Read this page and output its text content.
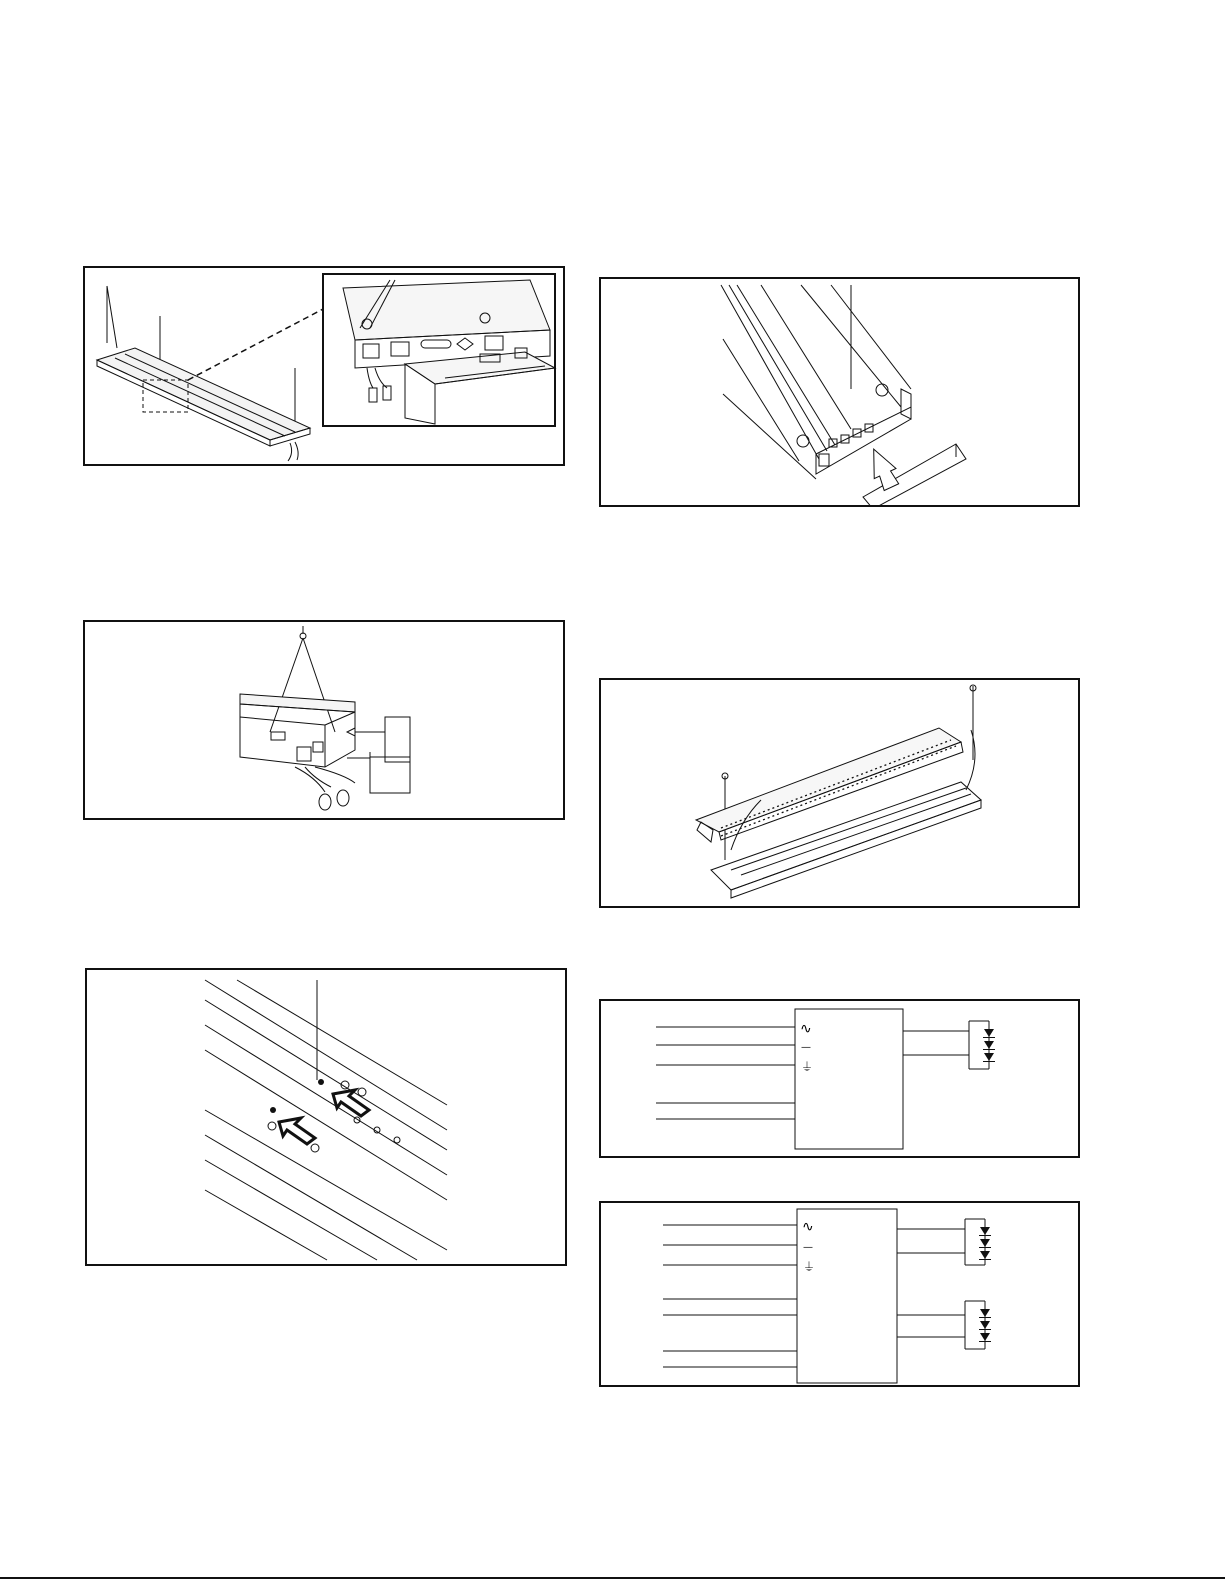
∿
—
⏚
∿
—
⏚
